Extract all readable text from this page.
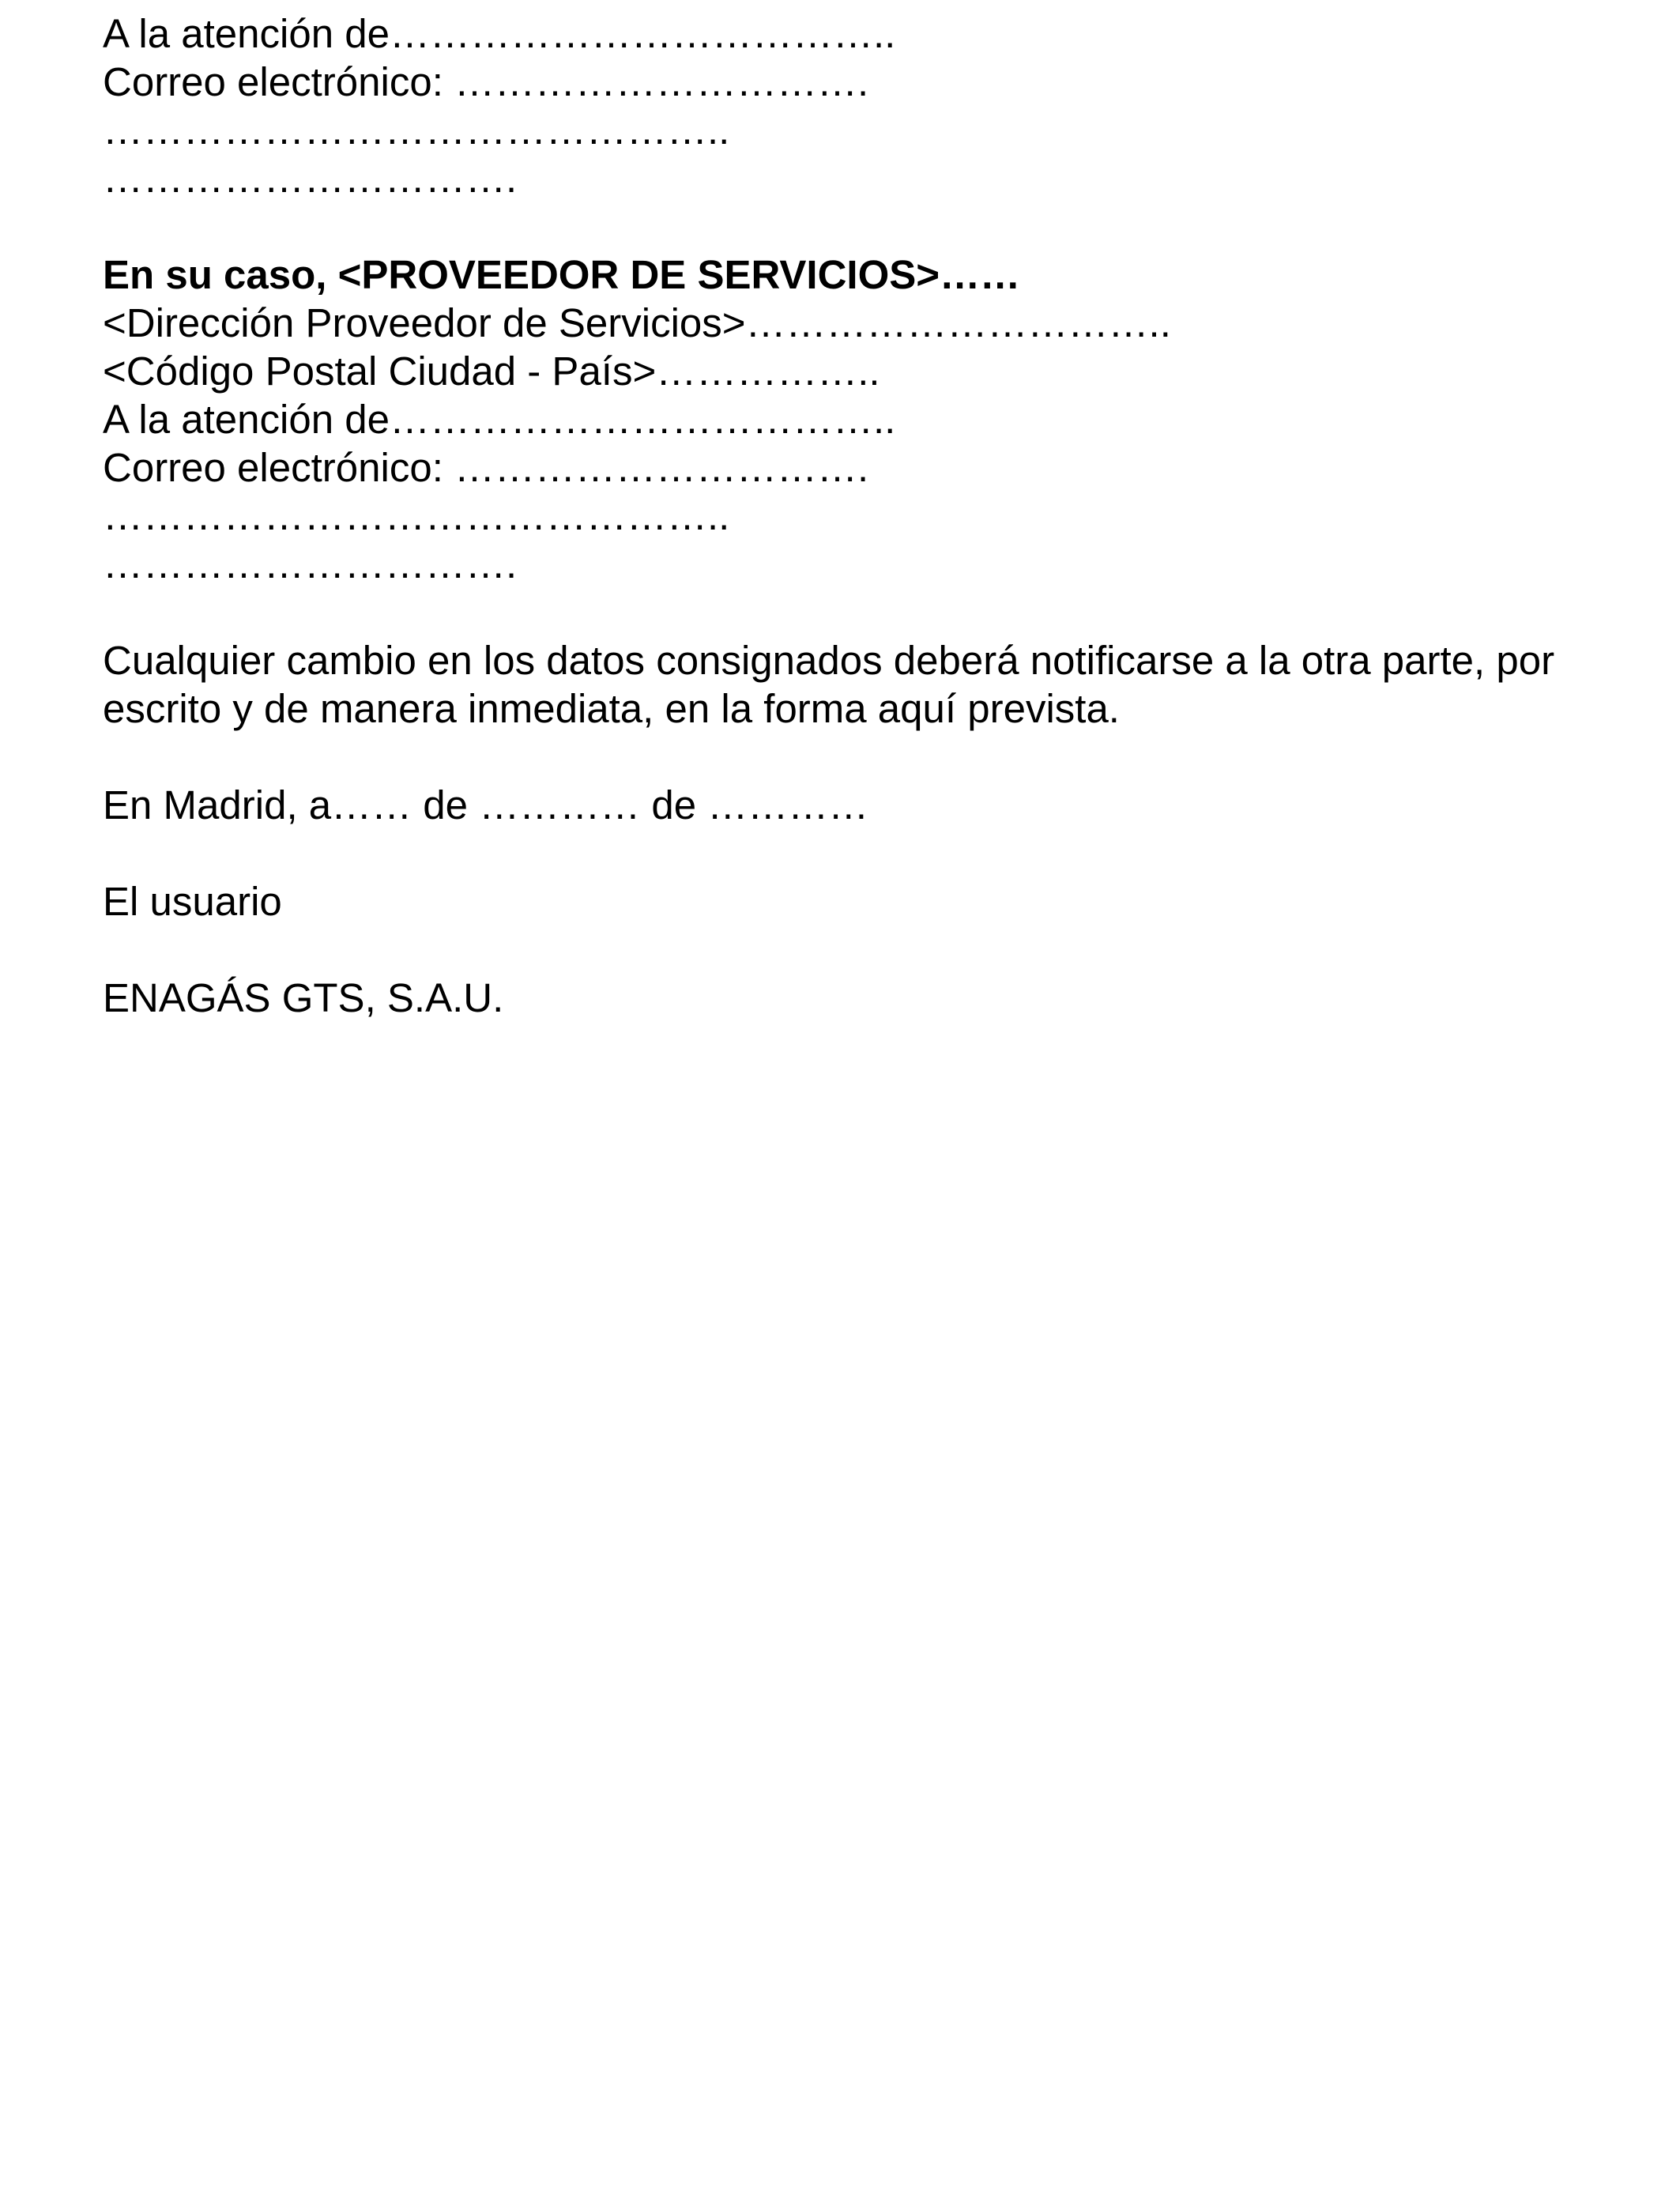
A la atención de………………………………..
Correo electrónico: ………………………….
………………………………………..
………………………….
En su caso, <PROVEEDOR DE SERVICIOS>……
<Dirección Proveedor de Servicios>…………………………..
<Código Postal Ciudad - País>……………..
A la atención de………………………………..
Correo electrónico: ………………………….
………………………………………..
………………………….
Cualquier cambio en los datos consignados deberá notificarse a la otra parte, por escrito y de manera inmediata, en la forma aquí prevista.
En Madrid, a…… de ………… de …………
El usuario
ENAGÁS GTS, S.A.U.
